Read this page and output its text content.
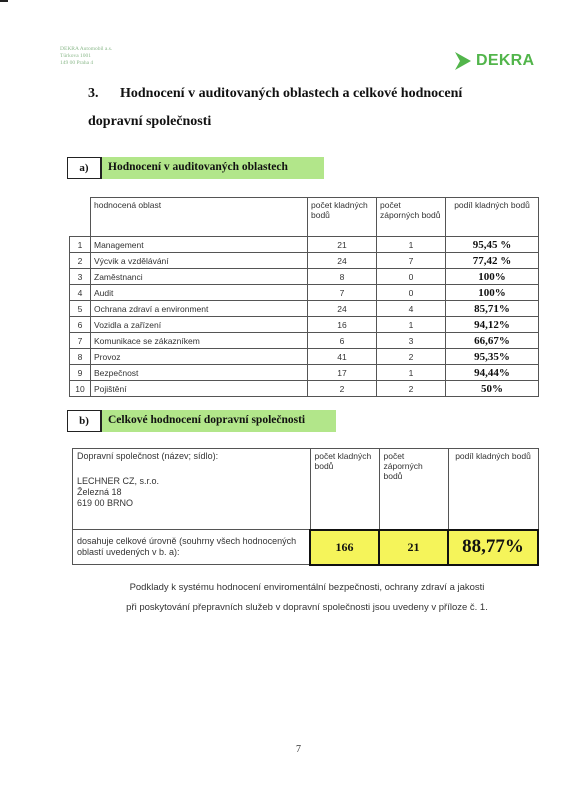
DEKRA Automobil a.s.
Türkova 1001
149 00 Praha 4	DEKRA
3. Hodnocení v auditovaných oblastech a celkové hodnocení
dopravní společnosti
a)	Hodnocení v auditovaných oblastech
	hodnocená oblast	počet kladných bodů	počet záporných bodů	podíl kladných bodů
1	Management	21	1	95,45 %
2	Výcvik a vzdělávání	24	7	77,42 %
3	Zaměstnanci	8	0	100%
4	Audit	7	0	100%
5	Ochrana zdraví a environment	24	4	85,71%
6	Vozidla a zařízení	16	1	94,12%
7	Komunikace se zákazníkem	6	3	66,67%
8	Provoz	41	2	95,35%
9	Bezpečnost	17	1	94,44%
10	Pojištění	2	2	50%
b)	Celkové hodnocení dopravní společnosti
Dopravní společnost (název; sídlo):
LECHNER CZ, s.r.o.
Železná 18
619 00 BRNO	počet kladných bodů	počet záporných bodů	podíl kladných bodů
dosahuje celkové úrovně (souhrny všech hodnocených oblastí uvedených v b. a):	166	21	88,77%
Podklady k systému hodnocení enviromentální bezpečnosti, ochrany zdraví a jakosti
při poskytování přepravních služeb v dopravní společnosti jsou uvedeny v příloze č. 1.
7
